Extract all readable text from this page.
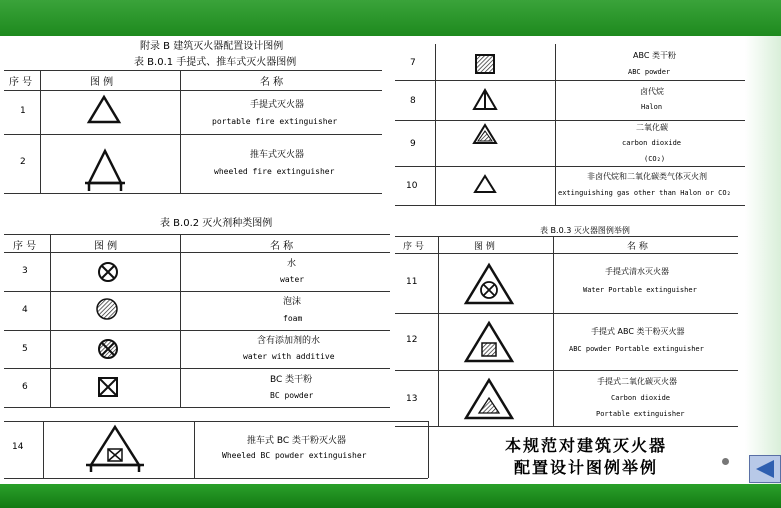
附录 B 建筑灭火器配置设计图例
表 B.0.1 手提式、推车式灭火器图例
序 号	图 例	名 称
1
手提式灭火器
portable fire extinguisher
2
推车式灭火器
wheeled fire extinguisher
表 B.0.2 灭火剂种类图例
序 号	图 例	名 称
3
水
water
4
泡沫
foam
5
含有添加剂的水
water with additive
6
BC 类干粉
BC powder
7
ABC 类干粉
ABC powder
8
卤代烷
Halon
9
二氧化碳
carbon dioxide
(CO₂)
10
非卤代烷和二氧化碳类气体灭火剂
extinguishing gas other than Halon or CO₂
表 B.0.3 灭火器图例举例
序 号	图 例	名 称
11
手提式清水灭火器
Water Portable extinguisher
12
手提式 ABC 类干粉灭火器
ABC powder Portable extinguisher
13
手提式二氧化碳灭火器
Carbon dioxide
Portable extinguisher
14
推车式 BC 类干粉灭火器
Wheeled BC powder extinguisher
本规范对建筑灭火器
配置设计图例举例
